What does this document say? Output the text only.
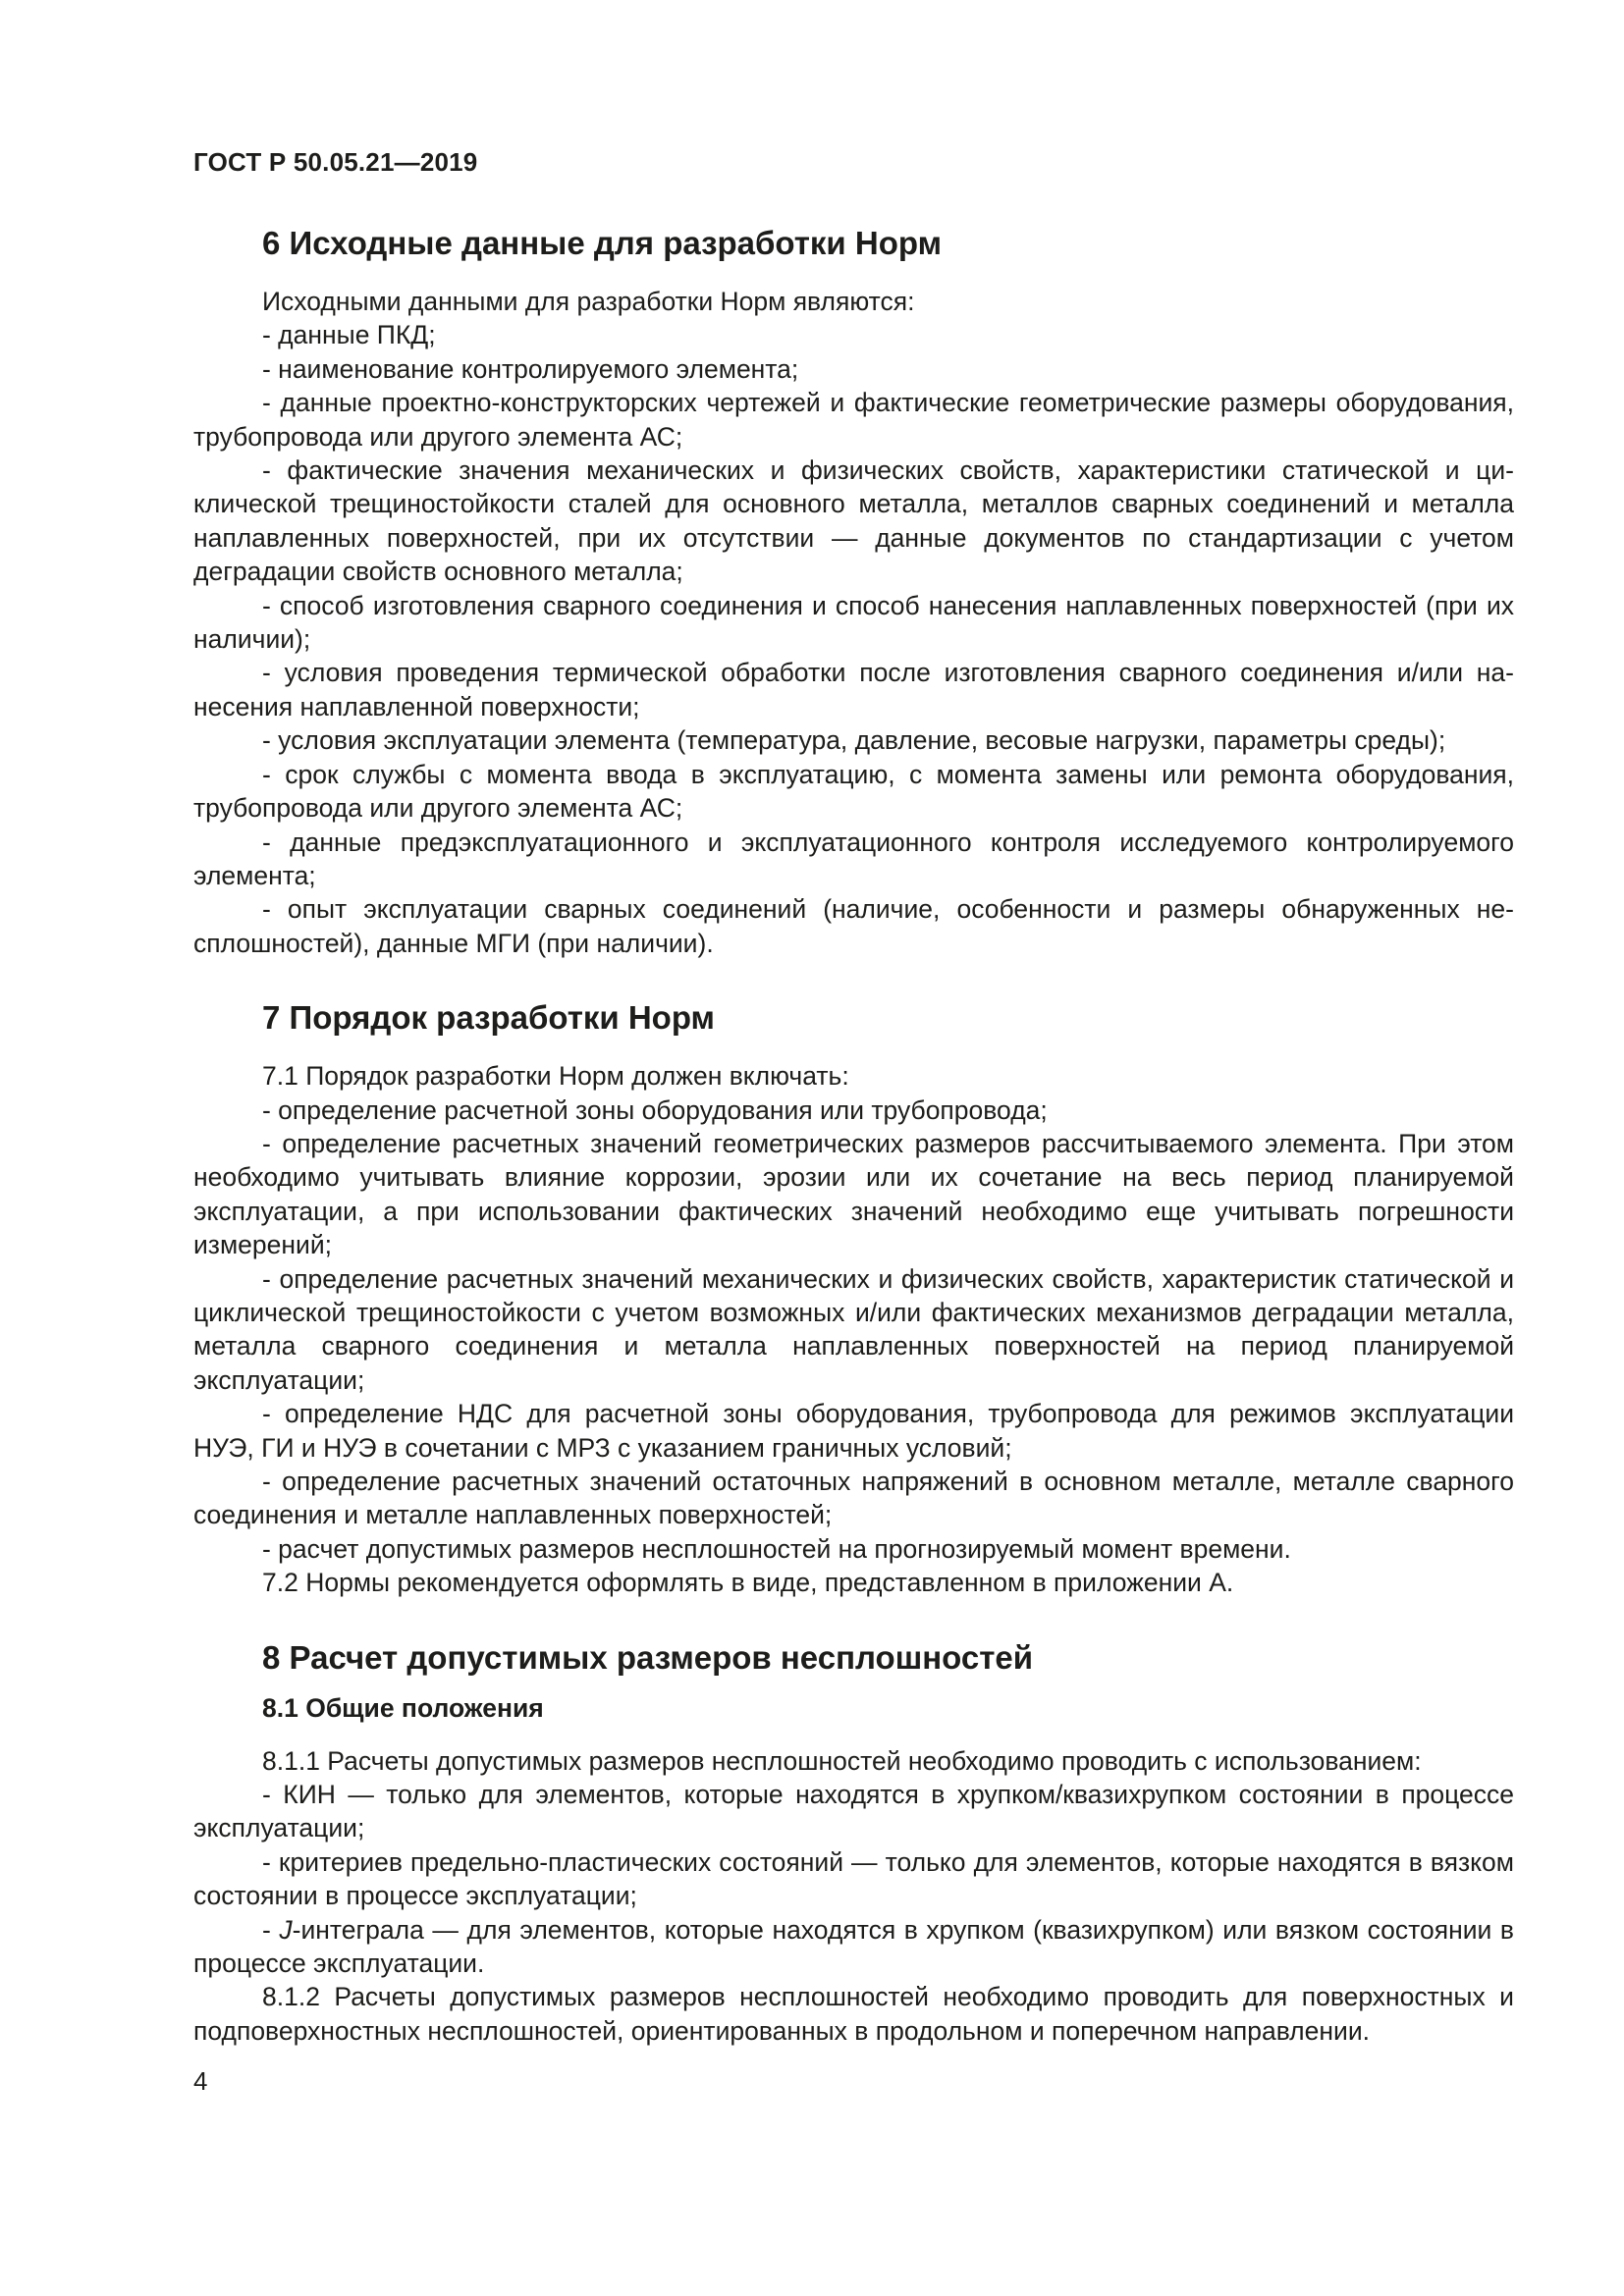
ГОСТ Р 50.05.21—2019
6 Исходные данные для разработки Норм

Исходными данными для разработки Норм являются:

- данные ПКД;

- наименование контролируемого элемента;

- данные проектно-конструкторских чертежей и фактические геометрические размеры оборудования, трубопровода или другого элемента АС;

- фактические значения механических и физических свойств, характеристики статической и циклической трещиностойкости сталей для основного металла, металлов сварных соединений и металла наплавленных поверхностей, при их отсутствии — данные документов по стандартизации с учетом деградации свойств основного металла;

- способ изготовления сварного соединения и способ нанесения наплавленных поверхностей (при их наличии);

- условия проведения термической обработки после изготовления сварного соединения и/или нанесения наплавленной поверхности;

- условия эксплуатации элемента (температура, давление, весовые нагрузки, параметры среды);

- срок службы с момента ввода в эксплуатацию, с момента замены или ремонта оборудования, трубопровода или другого элемента АС;

- данные предэксплуатационного и эксплуатационного контроля исследуемого контролируемого элемента;

- опыт эксплуатации сварных соединений (наличие, особенности и размеры обнаруженных несплошностей), данные МГИ (при наличии).

7 Порядок разработки Норм

7.1 Порядок разработки Норм должен включать:

- определение расчетной зоны оборудования или трубопровода;

- определение расчетных значений геометрических размеров рассчитываемого элемента. При этом необходимо учитывать влияние коррозии, эрозии или их сочетание на весь период планируемой эксплуатации, а при использовании фактических значений необходимо еще учитывать погрешности измерений;

- определение расчетных значений механических и физических свойств, характеристик статической и циклической трещиностойкости с учетом возможных и/или фактических механизмов деградации металла, металла сварного соединения и металла наплавленных поверхностей на период планируемой эксплуатации;

- определение НДС для расчетной зоны оборудования, трубопровода для режимов эксплуатации НУЭ, ГИ и НУЭ в сочетании с МРЗ с указанием граничных условий;

- определение расчетных значений остаточных напряжений в основном металле, металле сварного соединения и металле наплавленных поверхностей;

- расчет допустимых размеров несплошностей на прогнозируемый момент времени.

7.2 Нормы рекомендуется оформлять в виде, представленном в приложении А.

8 Расчет допустимых размеров несплошностей
8.1 Общие положения

8.1.1 Расчеты допустимых размеров несплошностей необходимо проводить с использованием:

- КИН — только для элементов, которые находятся в хрупком/квазихрупком состоянии в процессе эксплуатации;

- критериев предельно-пластических состояний — только для элементов, которые находятся в вязком состоянии в процессе эксплуатации;

- J-интеграла — для элементов, которые находятся в хрупком (квазихрупком) или вязком состоянии в процессе эксплуатации.

8.1.2 Расчеты допустимых размеров несплошностей необходимо проводить для поверхностных и подповерхностных несплошностей, ориентированных в продольном и поперечном направлении.

4
